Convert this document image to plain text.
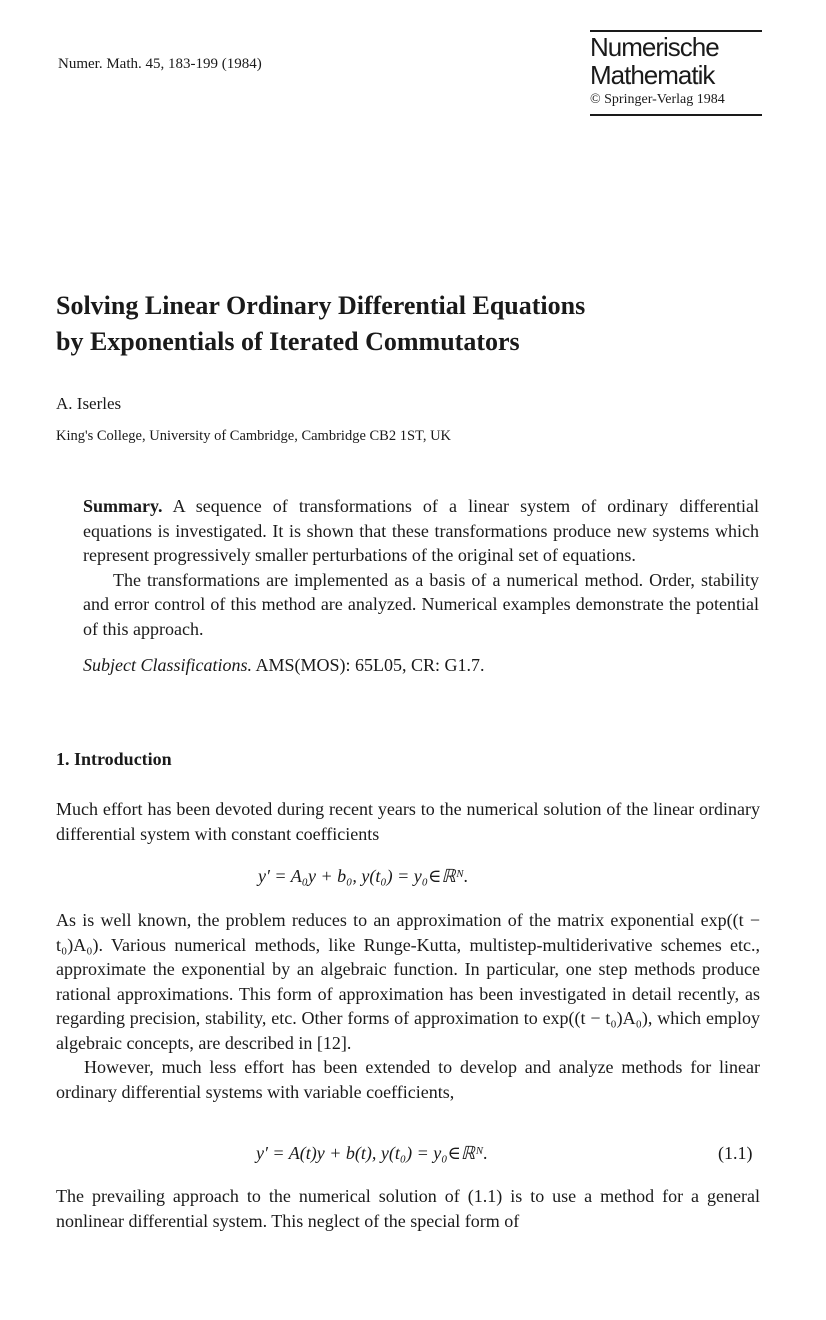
Numer. Math. 45, 183-199 (1984)
Numerische
Mathematik
© Springer-Verlag 1984
Solving Linear Ordinary Differential Equations
by Exponentials of Iterated Commutators
A. Iserles
King's College, University of Cambridge, Cambridge CB2 1ST, UK

Summary. A sequence of transformations of a linear system of ordinary differential equations is investigated. It is shown that these transformations produce new systems which represent progressively smaller perturbations of the original set of equations.

The transformations are implemented as a basis of a numerical method. Order, stability and error control of this method are analyzed. Numerical examples demonstrate the potential of this approach.

Subject Classifications. AMS(MOS): 65L05, CR: G1.7.

1. Introduction

Much effort has been devoted during recent years to the numerical solution of the linear ordinary differential system with constant coefficients

y′ = A₀y + b₀, y(t₀) = y₀∈ℝᴺ.

As is well known, the problem reduces to an approximation of the matrix exponential exp((t − t₀)A₀). Various numerical methods, like Runge-Kutta, multistep-multiderivative schemes etc., approximate the exponential by an algebraic function. In particular, one step methods produce rational approximations. This form of approximation has been investigated in detail recently, as regarding precision, stability, etc. Other forms of approximation to exp((t − t₀)A₀), which employ algebraic concepts, are described in [12].

However, much less effort has been extended to develop and analyze methods for linear ordinary differential systems with variable coefficients,

y′ = A(t)y + b(t), y(t₀) = y₀∈ℝᴺ.	(1.1)

The prevailing approach to the numerical solution of (1.1) is to use a method for a general nonlinear differential system. This neglect of the special form of
